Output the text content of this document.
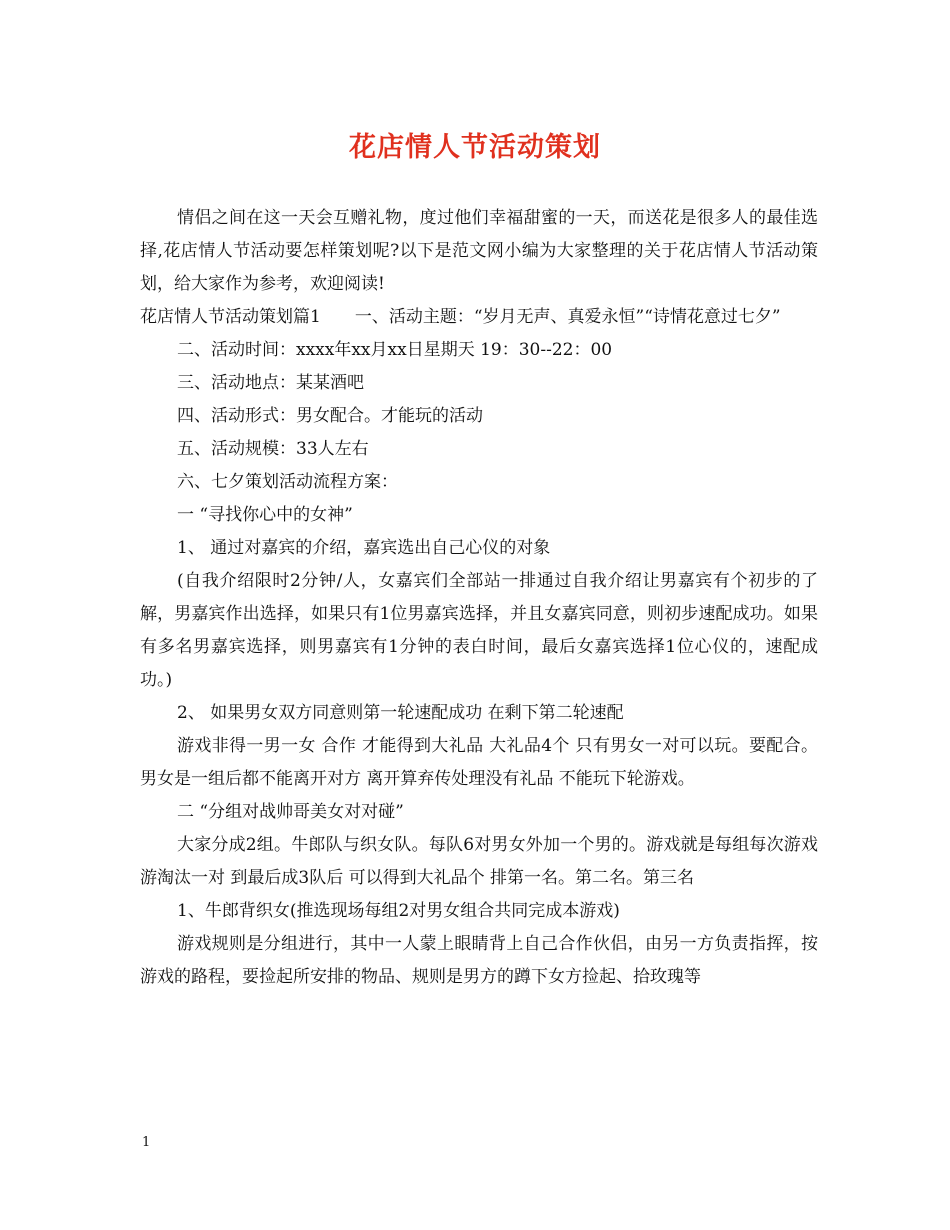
花店情人节活动策划

情侣之间在这一天会互赠礼物，度过他们幸福甜蜜的一天，而送花是很多人的最佳选择,花店情人节活动要怎样策划呢?以下是范文网小编为大家整理的关于花店情人节活动策划，给大家作为参考，欢迎阅读!

花店情人节活动策划篇1　　一、活动主题：“岁月无声、真爱永恒”“诗情花意过七夕”

二、活动时间：xxxx年xx月xx日星期天 19：30--22：00

三、活动地点：某某酒吧

四、活动形式：男女配合。才能玩的活动

五、活动规模：33人左右

六、七夕策划活动流程方案：

一 “寻找你心中的女神”

1、 通过对嘉宾的介绍，嘉宾选出自己心仪的对象

(自我介绍限时2分钟/人，女嘉宾们全部站一排通过自我介绍让男嘉宾有个初步的了解，男嘉宾作出选择，如果只有1位男嘉宾选择，并且女嘉宾同意，则初步速配成功。如果有多名男嘉宾选择，则男嘉宾有1分钟的表白时间，最后女嘉宾选择1位心仪的，速配成功。)

2、 如果男女双方同意则第一轮速配成功 在剩下第二轮速配

游戏非得一男一女 合作 才能得到大礼品 大礼品4个 只有男女一对可以玩。要配合。男女是一组后都不能离开对方 离开算弃传处理没有礼品 不能玩下轮游戏。

二 “分组对战帅哥美女对对碰”

大家分成2组。牛郎队与织女队。每队6对男女外加一个男的。游戏就是每组每次游戏游淘汰一对 到最后成3队后 可以得到大礼品个 排第一名。第二名。第三名

1、牛郎背织女(推选现场每组2对男女组合共同完成本游戏)

游戏规则是分组进行，其中一人蒙上眼睛背上自己合作伙侣，由另一方负责指挥，按游戏的路程，要捡起所安排的物品、规则是男方的蹲下女方捡起、拾玫瑰等

1
